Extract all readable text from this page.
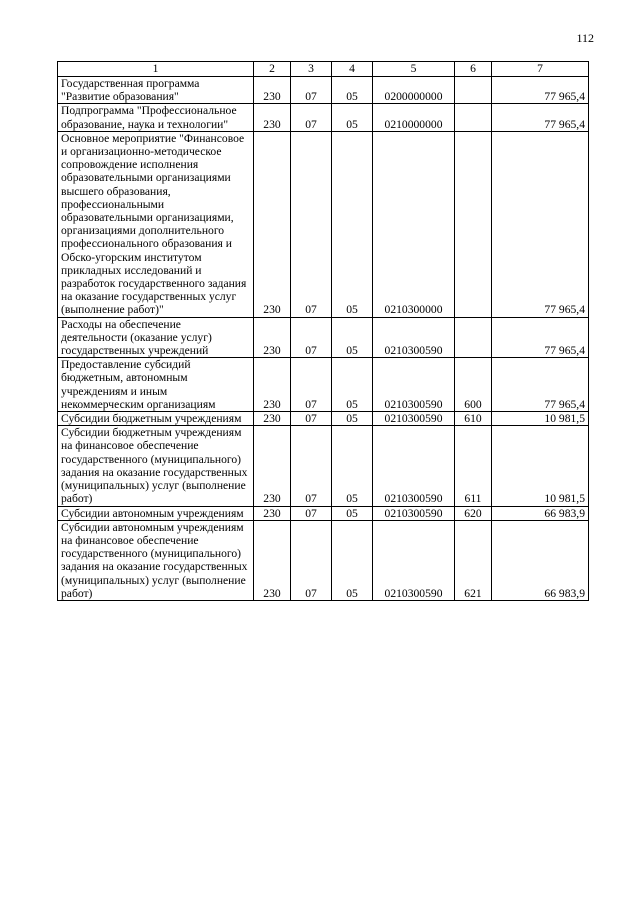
112
1	2	3	4	5	6	7
Государственная программа "Развитие образования"	230	07	05	0200000000		77 965,4
Подпрограмма "Профессиональное образование, наука и технологии"	230	07	05	0210000000		77 965,4
Основное мероприятие "Финансовое и организационно-методическое сопровождение исполнения образовательными организациями высшего образования, профессиональными образовательными организациями, организациями дополнительного профессионального образования и Обско-угорским институтом прикладных исследований и разработок государственного задания на оказание государственных услуг (выполнение работ)"	230	07	05	0210300000		77 965,4
Расходы на обеспечение деятельности (оказание услуг) государственных учреждений	230	07	05	0210300590		77 965,4
Предоставление субсидий бюджетным, автономным учреждениям и иным некоммерческим организациям	230	07	05	0210300590	600	77 965,4
Субсидии бюджетным учреждениям	230	07	05	0210300590	610	10 981,5
Субсидии бюджетным учреждениям на финансовое обеспечение государственного (муниципального) задания на оказание государственных (муниципальных) услуг (выполнение работ)	230	07	05	0210300590	611	10 981,5
Субсидии автономным учреждениям	230	07	05	0210300590	620	66 983,9
Субсидии автономным учреждениям на финансовое обеспечение государственного (муниципального) задания на оказание государственных (муниципальных) услуг (выполнение работ)	230	07	05	0210300590	621	66 983,9
